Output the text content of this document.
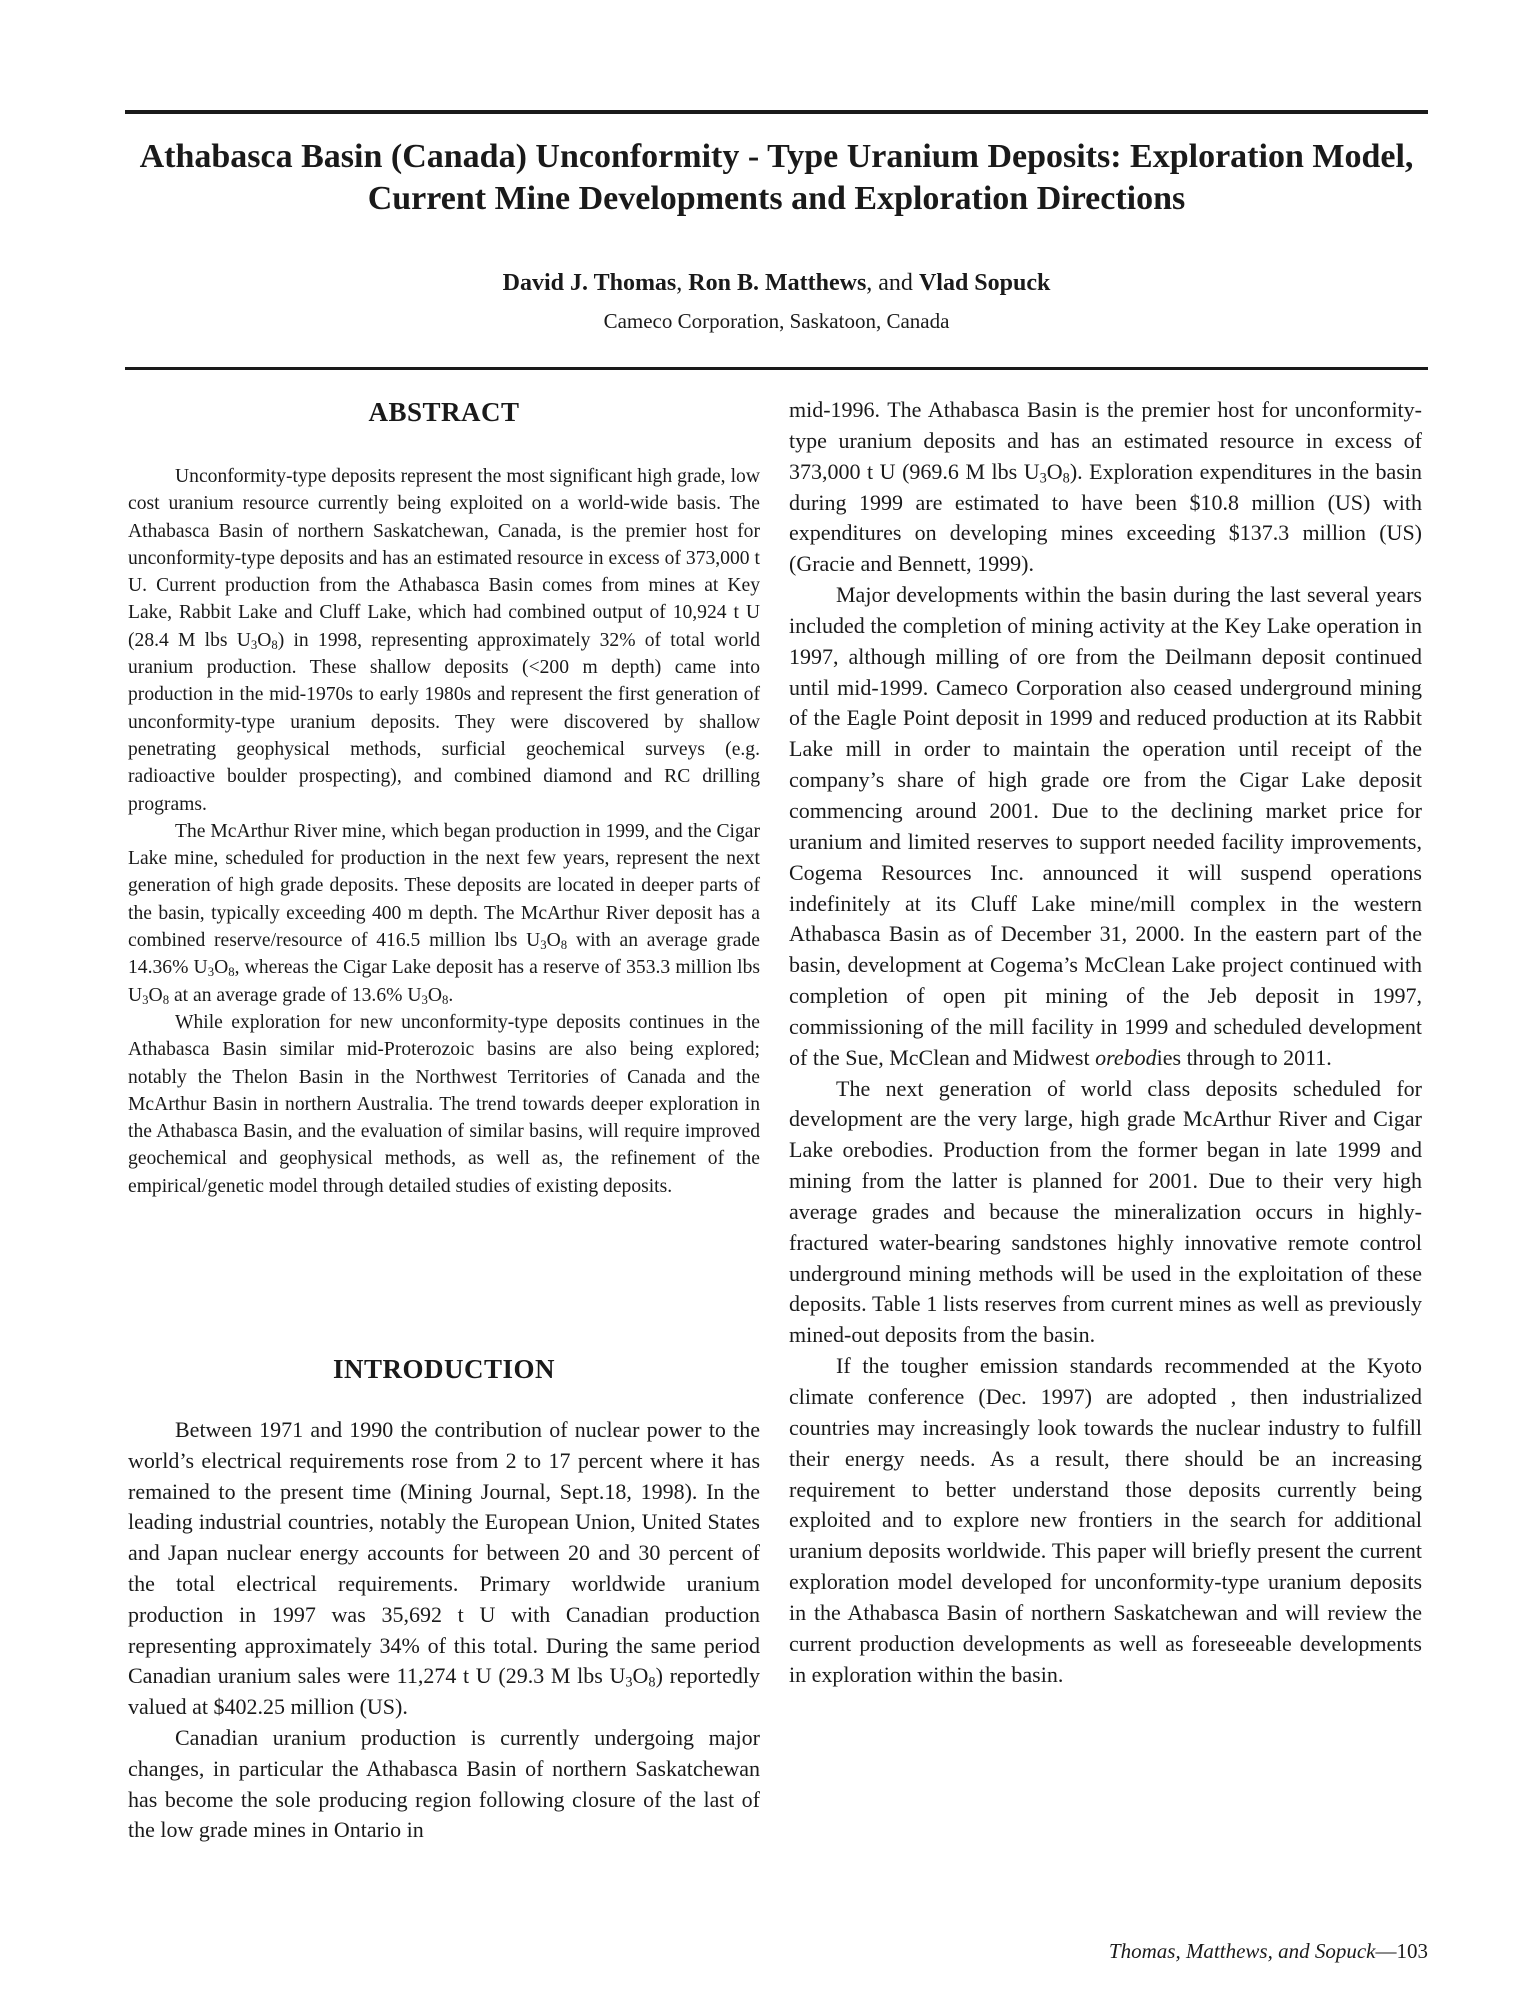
Athabasca Basin (Canada) Unconformity - Type Uranium Deposits: Exploration Model, Current Mine Developments and Exploration Directions
David J. Thomas, Ron B. Matthews, and Vlad Sopuck
Cameco Corporation, Saskatoon, Canada
ABSTRACT

Unconformity-type deposits represent the most significant high grade, low cost uranium resource currently being exploited on a world-wide basis. The Athabasca Basin of northern Saskatchewan, Canada, is the premier host for unconformity-type deposits and has an estimated resource in excess of 373,000 t U. Current production from the Athabasca Basin comes from mines at Key Lake, Rabbit Lake and Cluff Lake, which had combined output of 10,924 t U (28.4 M lbs $U_3O_8$) in 1998, representing approximately 32% of total world uranium production. These shallow deposits (<200 m depth) came into production in the mid-1970s to early 1980s and represent the first generation of unconformity-type uranium deposits. They were discovered by shallow penetrating geophysical methods, surficial geochemical surveys (e.g. radioactive boulder prospecting), and combined diamond and RC drilling programs.

The McArthur River mine, which began production in 1999, and the Cigar Lake mine, scheduled for production in the next few years, represent the next generation of high grade deposits. These deposits are located in deeper parts of the basin, typically exceeding 400 m depth. The McArthur River deposit has a combined reserve/resource of 416.5 million lbs $U_3O_8$ with an average grade 14.36% $U_3O_8$, whereas the Cigar Lake deposit has a reserve of 353.3 million lbs $U_3O_8$ at an average grade of 13.6% $U_3O_8$.

While exploration for new unconformity-type deposits continues in the Athabasca Basin similar mid-Proterozoic basins are also being explored; notably the Thelon Basin in the Northwest Territories of Canada and the McArthur Basin in northern Australia. The trend towards deeper exploration in the Athabasca Basin, and the evaluation of similar basins, will require improved geochemical and geophysical methods, as well as, the refinement of the empirical/genetic model through detailed studies of existing deposits.

INTRODUCTION

Between 1971 and 1990 the contribution of nuclear power to the world’s electrical requirements rose from 2 to 17 percent where it has remained to the present time (Mining Journal, Sept.18, 1998). In the leading industrial countries, notably the European Union, United States and Japan nuclear energy accounts for between 20 and 30 percent of the total electrical requirements. Primary worldwide uranium production in 1997 was 35,692 t U with Canadian production representing approximately 34% of this total. During the same period Canadian uranium sales were 11,274 t U (29.3 M lbs $U_3O_8$) reportedly valued at $402.25 million (US).

Canadian uranium production is currently undergoing major changes, in particular the Athabasca Basin of northern Saskatchewan has become the sole producing region following closure of the last of the low grade mines in Ontario in

mid-1996. The Athabasca Basin is the premier host for unconformity-type uranium deposits and has an estimated resource in excess of 373,000 t U (969.6 M lbs $U_3O_8$). Exploration expenditures in the basin during 1999 are estimated to have been $10.8 million (US) with expenditures on developing mines exceeding $137.3 million (US) (Gracie and Bennett, 1999).

Major developments within the basin during the last several years included the completion of mining activity at the Key Lake operation in 1997, although milling of ore from the Deilmann deposit continued until mid-1999. Cameco Corporation also ceased underground mining of the Eagle Point deposit in 1999 and reduced production at its Rabbit Lake mill in order to maintain the operation until receipt of the company’s share of high grade ore from the Cigar Lake deposit commencing around 2001. Due to the declining market price for uranium and limited reserves to support needed facility improvements, Cogema Resources Inc. announced it will suspend operations indefinitely at its Cluff Lake mine/mill complex in the western Athabasca Basin as of December 31, 2000. In the eastern part of the basin, development at Cogema’s McClean Lake project continued with completion of open pit mining of the Jeb deposit in 1997, commissioning of the mill facility in 1999 and scheduled development of the Sue, McClean and Midwest orebodies through to 2011.

The next generation of world class deposits scheduled for development are the very large, high grade McArthur River and Cigar Lake orebodies. Production from the former began in late 1999 and mining from the latter is planned for 2001. Due to their very high average grades and because the mineralization occurs in highly-fractured water-bearing sandstones highly innovative remote control underground mining methods will be used in the exploitation of these deposits. Table 1 lists reserves from current mines as well as previously mined-out deposits from the basin.

If the tougher emission standards recommended at the Kyoto climate conference (Dec. 1997) are adopted , then industrialized countries may increasingly look towards the nuclear industry to fulfill their energy needs. As a result, there should be an increasing requirement to better understand those deposits currently being exploited and to explore new frontiers in the search for additional uranium deposits worldwide. This paper will briefly present the current exploration model developed for unconformity-type uranium deposits in the Athabasca Basin of northern Saskatchewan and will review the current production developments as well as foreseeable developments in exploration within the basin.

Thomas, Matthews, and Sopuck—103
